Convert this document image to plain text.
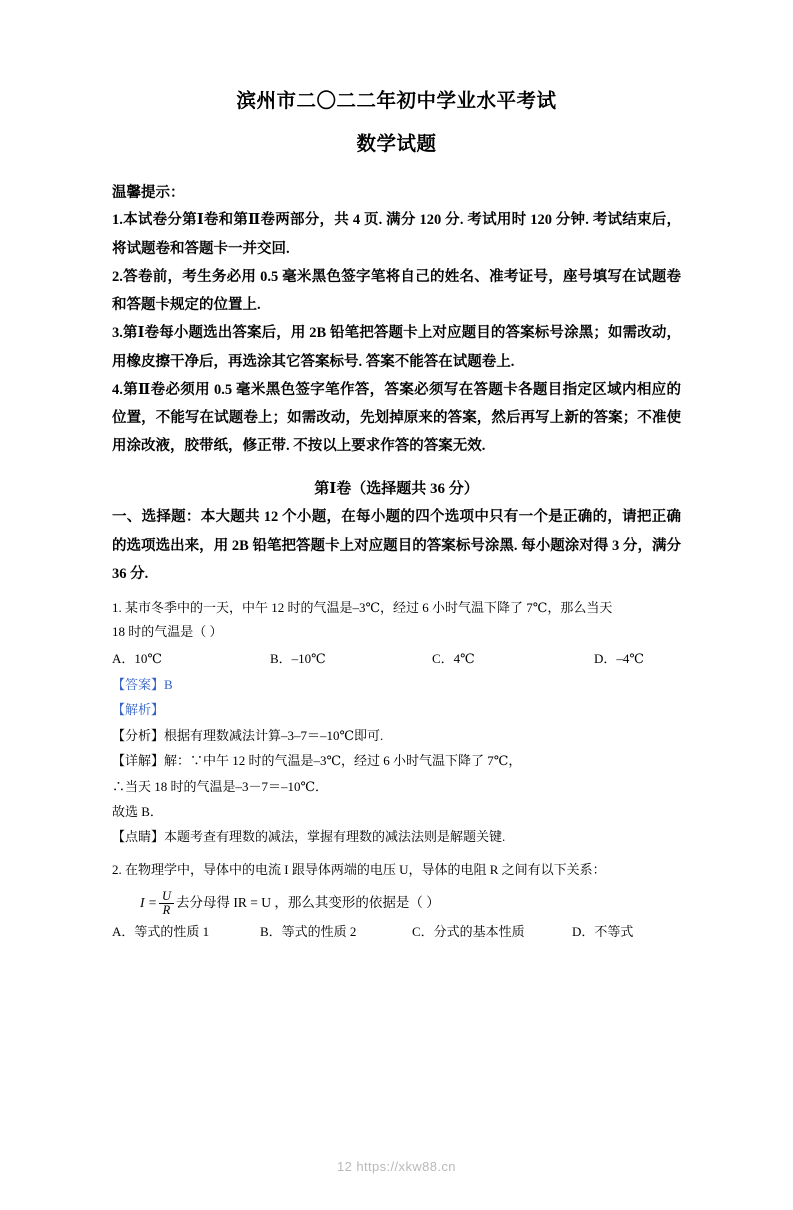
滨州市二〇二二年初中学业水平考试
数学试题
温馨提示：
1.本试卷分第Ⅰ卷和第Ⅱ卷两部分，共 4 页. 满分 120 分. 考试用时 120 分钟. 考试结束后，将试题卷和答题卡一并交回.
2.答卷前，考生务必用 0.5 毫米黑色签字笔将自己的姓名、准考证号，座号填写在试题卷和答题卡规定的位置上.
3.第Ⅰ卷每小题选出答案后，用 2B 铅笔把答题卡上对应题目的答案标号涂黑；如需改动，用橡皮擦干净后，再选涂其它答案标号. 答案不能答在试题卷上.
4.第Ⅱ卷必须用 0.5 毫米黑色签字笔作答，答案必须写在答题卡各题目指定区域内相应的位置，不能写在试题卷上；如需改动，先划掉原来的答案，然后再写上新的答案；不准使用涂改液，胶带纸，修正带. 不按以上要求作答的答案无效.
第Ⅰ卷（选择题共 36 分）
一、选择题：本大题共 12 个小题，在每小题的四个选项中只有一个是正确的，请把正确的选项选出来，用 2B 铅笔把答题卡上对应题目的答案标号涂黑. 每小题涂对得 3 分，满分 36 分.
1. 某市冬季中的一天，中午 12 时的气温是–3℃，经过 6 小时气温下降了 7℃，那么当天
18 时的气温是（ ）
A．10℃	B．–10℃	C．4℃	D．–4℃
【答案】B
【解析】
【分析】根据有理数减法计算–3–7＝–10℃即可.
【详解】解：∵中午 12 时的气温是–3℃，经过 6 小时气温下降了 7℃，
∴当天 18 时的气温是–3－7＝–10℃．
故选 B．
【点睛】本题考查有理数的减法，掌握有理数的减法法则是解题关键.
2. 在物理学中，导体中的电流 I 跟导体两端的电压 U，导体的电阻 R 之间有以下关系：
$I = \frac{U}{R}$ 去分母得 IR = U ，那么其变形的依据是（ ）
A．等式的性质 1	B．等式的性质 2	C．分式的基本性质	D．不等式
12 https://xkw88.cn
